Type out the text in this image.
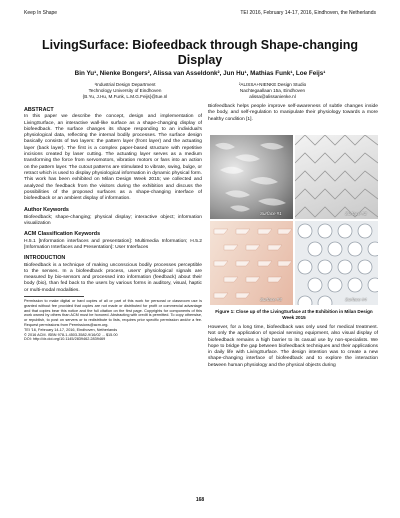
Keep In Shape	TEI 2016, February 14-17, 2016, Eindhoven, the Netherlands
LivingSurface: Biofeedback through Shape-changing Display
Bin Yu¹, Nienke Bongers², Alissa van Asseldonk², Jun Hu¹, Mathias Funk¹, Loe Feijs¹
¹Industrial Design Department
Technology University of Eindhoven
{B.Yu, J.Hu, M.Funk, L.M.G.Feijs}@tue.nl
²ALISSA+NIENKE Design Studio
Nachtegaallaan 15a, Eindhoven
alissa@alissanienke.nl
ABSTRACT
In this paper we describe the concept, design and implementation of LivingSurface, an interactive wall-like surface as a shape-changing display of biofeedback. The surface changes its shape responding to an individual's physiological data, reflecting the internal bodily processes. The surface design basically consists of two layers: the pattern layer (front layer) and the actuating layer (back layer). The first is a complex paper-based structure with repetitive incisions created by laser cutting. The actuating layer serves as a medium transforming the force from servomotors, vibration motors or fans into an action on the pattern layer. The cutout patterns are stimulated to vibrate, swing, bulge, or retract which is used to display physiological information in dynamic physical form. This work has been exhibited on Milan Design Week 2015; we collected and analyzed the feedback from the visitors during the exhibition and discuss the possibilities of the proposed surfaces as a shape-changing interface of biofeedback or an ambient display of information.
Author Keywords
Biofeedback; shape-changing; physical display; interactive object; information visualization
ACM Classification Keywords
H.5.1 [Information interfaces and presentation]: Multimedia Information; H.5.2 [Information Interfaces and Presentation]: User Interfaces
INTRODUCTION
Biofeedback is a technique of making unconscious bodily processes perceptible to the senses. In a biofeedback process, users' physiological signals are measured by bio-sensors and processed into information (feedback) about their body (bio), than fed back to the users by various forms in auditory, visual, haptic or multi-modal modalities.
Permission to make digital or hard copies of all or part of this work for personal or classroom use is granted without fee provided that copies are not made or distributed for profit or commercial advantage and that copies bear this notice and the full citation on the first page. Copyrights for components of this work owned by others than ACM must be honored. Abstracting with credit is permitted. To copy otherwise, or republish, to post on servers or to redistribute to lists, requires prior specific permission and/or a fee. Request permissions from Permissions@acm.org.
TEI '16, February 14-17, 2016, Eindhoven, Netherlands
© 2016 ACM. ISBN 978-1-4503-3582-9/16/02 ... $15.00
DOI: http://dx.doi.org/10.1145/2839462.2839469
Biofeedback helps people improve self-awareness of subtle changes inside the body, and self-regulation to manipulate their physiology towards a more healthy condition [1].
Surface #1	Surface #2
Surface #3	Surface #4
Figure 1: Close up of the LivingSurface at the Exhibition in Milan Design Week 2015
However, for a long time, biofeedback was only used for medical treatment. Not only the application of special sensing equipment, also visual display of biofeedback remains a high barrier to its casual use by non-specialists. We hope to bridge the gap between biofeedback techniques and their applications in daily life with LivingSurface. The design intention was to create a new shape-changing interface of biofeedback and to explore the interaction between human physiology and the physical objects during
168
